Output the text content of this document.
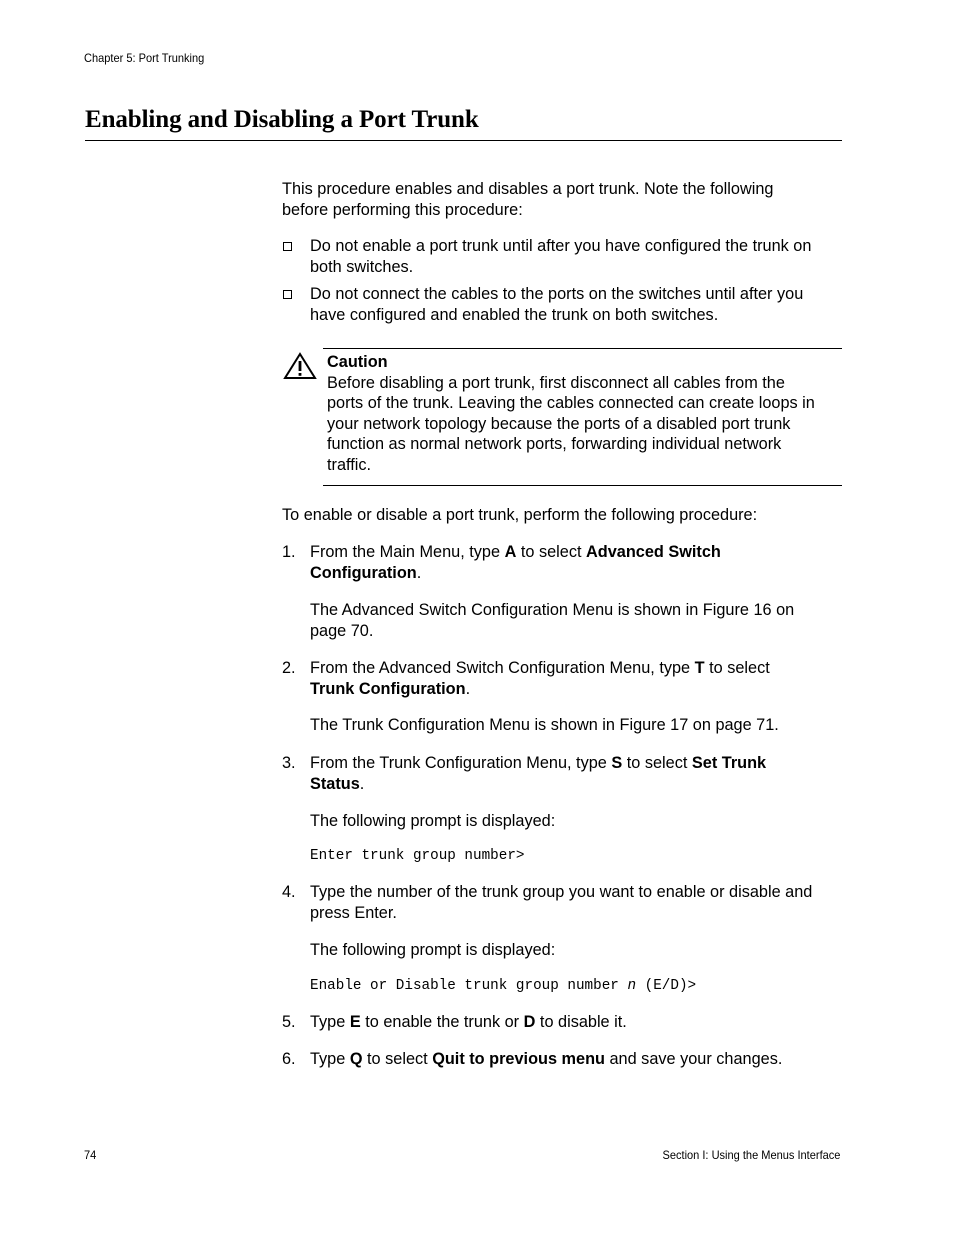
Chapter 5: Port Trunking
Enabling and Disabling a Port Trunk
This procedure enables and disables a port trunk. Note the following
before performing this procedure:
Do not enable a port trunk until after you have configured the trunk on
both switches.
Do not connect the cables to the ports on the switches until after you
have configured and enabled the trunk on both switches.
Caution
Before disabling a port trunk, first disconnect all cables from the
ports of the trunk. Leaving the cables connected can create loops in
your network topology because the ports of a disabled port trunk
function as normal network ports, forwarding individual network
traffic.
To enable or disable a port trunk, perform the following procedure:
1. From the Main Menu, type A to select Advanced Switch
Configuration.
The Advanced Switch Configuration Menu is shown in Figure 16 on
page 70.
2. From the Advanced Switch Configuration Menu, type T to select
Trunk Configuration.
The Trunk Configuration Menu is shown in Figure 17 on page 71.
3. From the Trunk Configuration Menu, type S to select Set Trunk
Status.
The following prompt is displayed:
Enter trunk group number>
4. Type the number of the trunk group you want to enable or disable and
press Enter.
The following prompt is displayed:
Enable or Disable trunk group number n (E/D)>
5. Type E to enable the trunk or D to disable it.
6. Type Q to select Quit to previous menu and save your changes.
74	Section I: Using the Menus Interface
